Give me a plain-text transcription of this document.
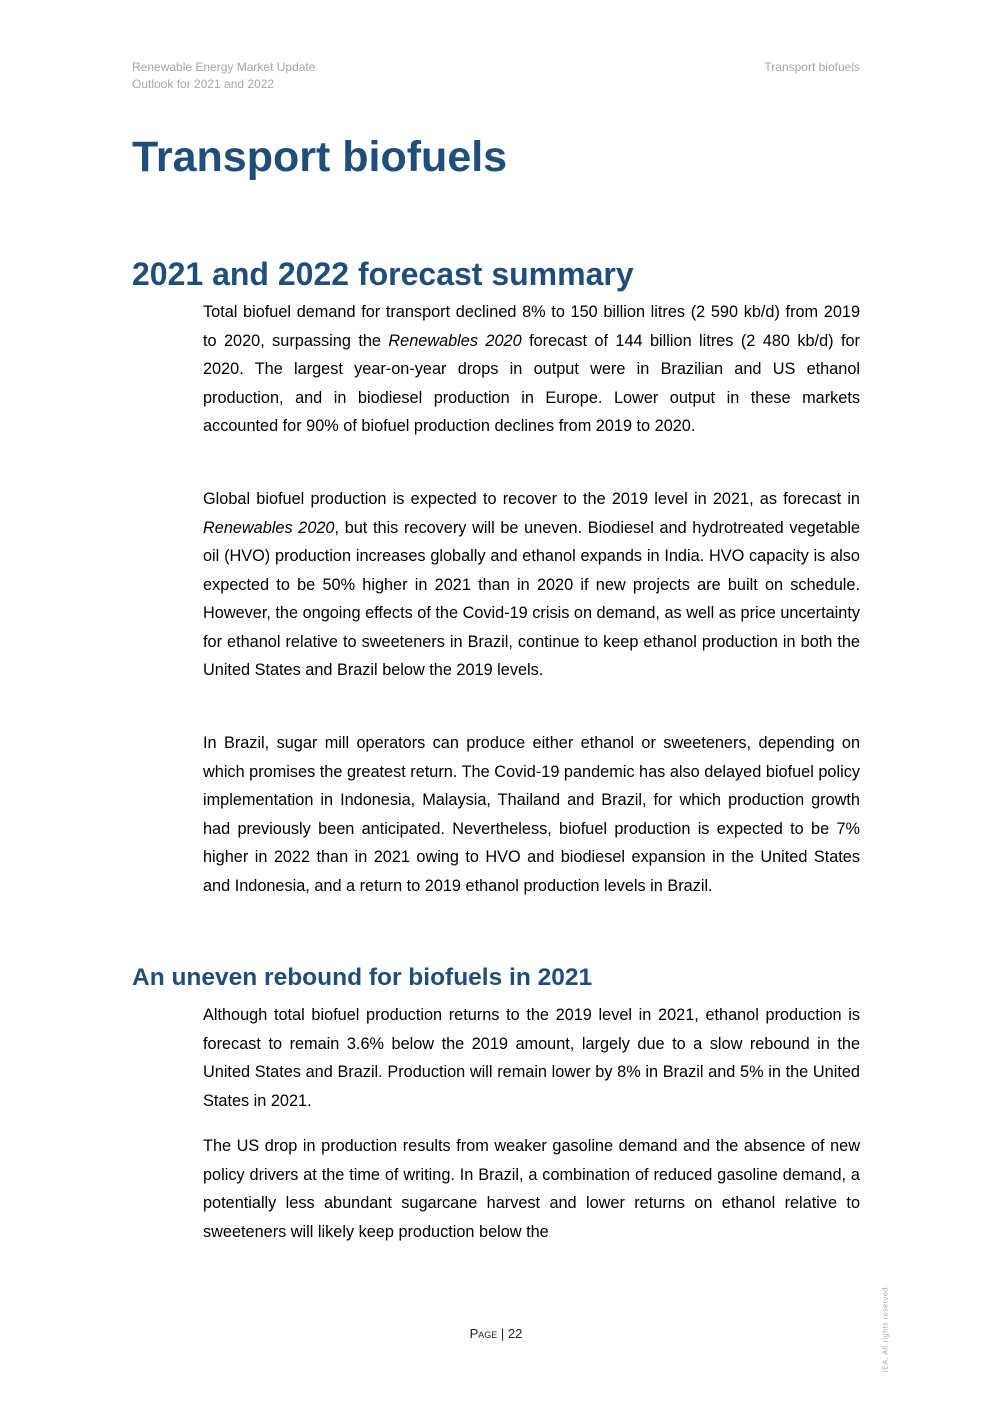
Renewable Energy Market Update
Outlook for 2021 and 2022
Transport biofuels
Transport biofuels
2021 and 2022 forecast summary

Total biofuel demand for transport declined 8% to 150 billion litres (2 590 kb/d) from 2019 to 2020, surpassing the Renewables 2020 forecast of 144 billion litres (2 480 kb/d) for 2020. The largest year-on-year drops in output were in Brazilian and US ethanol production, and in biodiesel production in Europe. Lower output in these markets accounted for 90% of biofuel production declines from 2019 to 2020.

Global biofuel production is expected to recover to the 2019 level in 2021, as forecast in Renewables 2020, but this recovery will be uneven. Biodiesel and hydrotreated vegetable oil (HVO) production increases globally and ethanol expands in India. HVO capacity is also expected to be 50% higher in 2021 than in 2020 if new projects are built on schedule. However, the ongoing effects of the Covid-19 crisis on demand, as well as price uncertainty for ethanol relative to sweeteners in Brazil, continue to keep ethanol production in both the United States and Brazil below the 2019 levels.

In Brazil, sugar mill operators can produce either ethanol or sweeteners, depending on which promises the greatest return. The Covid-19 pandemic has also delayed biofuel policy implementation in Indonesia, Malaysia, Thailand and Brazil, for which production growth had previously been anticipated. Nevertheless, biofuel production is expected to be 7% higher in 2022 than in 2021 owing to HVO and biodiesel expansion in the United States and Indonesia, and a return to 2019 ethanol production levels in Brazil.

An uneven rebound for biofuels in 2021

Although total biofuel production returns to the 2019 level in 2021, ethanol production is forecast to remain 3.6% below the 2019 amount, largely due to a slow rebound in the United States and Brazil. Production will remain lower by 8% in Brazil and 5% in the United States in 2021.

The US drop in production results from weaker gasoline demand and the absence of new policy drivers at the time of writing. In Brazil, a combination of reduced gasoline demand, a potentially less abundant sugarcane harvest and lower returns on ethanol relative to sweeteners will likely keep production below the

Page | 22	IEA. All rights reserved.
